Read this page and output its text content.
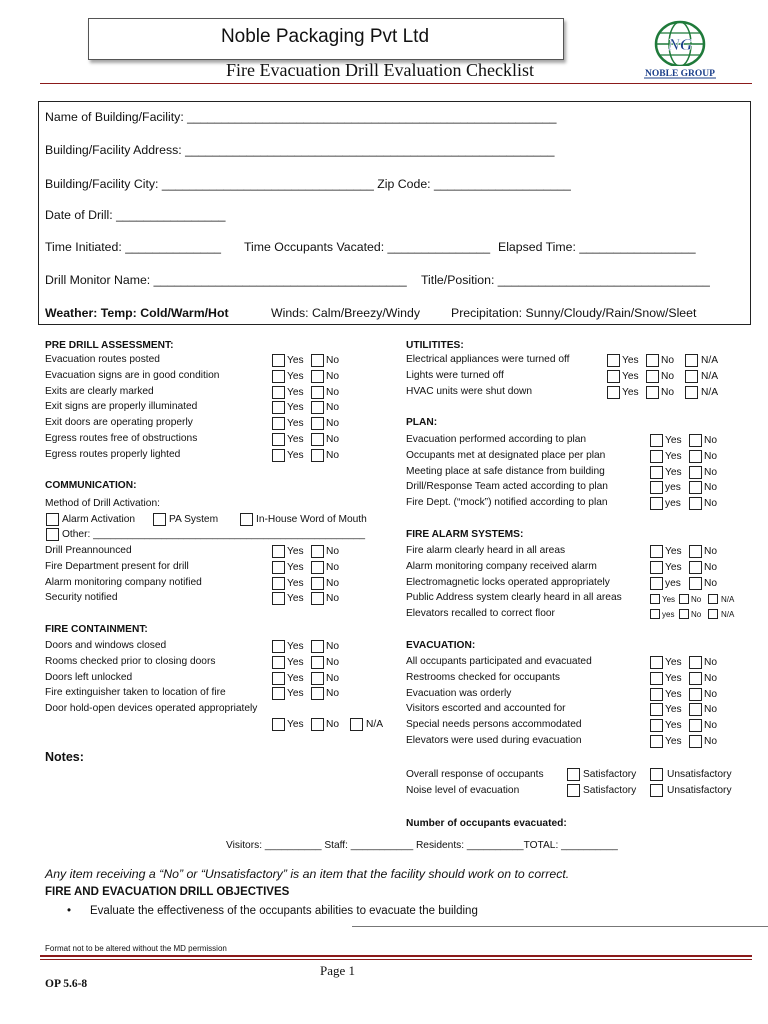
Noble Packaging Pvt Ltd
Fire Evacuation Drill Evaluation Checklist
NG
NOBLE GROUP
Name of Building/Facility: ______________________________________________________
Building/Facility Address: ______________________________________________________
Building/Facility City: _______________________________ Zip Code: ____________________
Date of Drill: ________________
Time Initiated: ______________ Time Occupants Vacated: _______________ Elapsed Time: _________________
Drill Monitor Name: _____________________________________ Title/Position: _______________________________
Weather: Temp: Cold/Warm/Hot	Winds: Calm/Breezy/Windy	Precipitation: Sunny/Cloudy/Rain/Snow/Sleet
Notes:
Number of occupants evacuated:
Visitors: __________ Staff: ___________ Residents: __________TOTAL: __________
Any item receiving a “No” or “Unsatisfactory” is an item that the facility should work on to correct.
FIRE AND EVACUATION DRILL OBJECTIVES
• Evaluate the effectiveness of the occupants abilities to evacuate the building
Format not to be altered without the MD permission
Page 1
OP 5.6-8
PRE DRILL ASSESSMENT:
Evacuation routes posted	Yes No
Evacuation signs are in good condition	Yes No
Exits are clearly marked	Yes No
Exit signs are properly illuminated	Yes No
Exit doors are operating properly	Yes No
Egress routes free of obstructions	Yes No
Egress routes properly lighted	Yes No
COMMUNICATION:
Method of Drill Activation:
Alarm Activation	PA System	In-House Word of Mouth
Other: ________________________________________________
Drill Preannounced	Yes No
Fire Department present for drill	Yes No
Alarm monitoring company notified	Yes No
Security notified	Yes No
FIRE CONTAINMENT:
Doors and windows closed	Yes No
Rooms checked prior to closing doors	Yes No
Doors left unlocked	Yes No
Fire extinguisher taken to location of fire	Yes No
Door hold-open devices operated appropriately
Yes No	N/A
UTILITITES:
Electrical appliances were turned off	Yes No	N/A
Lights were turned off	Yes No	N/A
HVAC units were shut down	Yes No	N/A
PLAN:
Evacuation performed according to plan	Yes No
Occupants met at designated place per plan	Yes No
Meeting place at safe distance from building	Yes No
Drill/Response Team acted according to plan	yes No
Fire Dept. (“mock”) notified according to plan	yes No
FIRE ALARM SYSTEMS:
Fire alarm clearly heard in all areas	Yes No
Alarm monitoring company received alarm	Yes No
Electromagnetic locks operated appropriately	yes No
Public Address system clearly heard in all areas	Yes No N/A
Elevators recalled to correct floor	yes No N/A
EVACUATION:
All occupants participated and evacuated	Yes No
Restrooms checked for occupants	Yes No
Evacuation was orderly	Yes No
Visitors escorted and accounted for	Yes No
Special needs persons accommodated	Yes No
Elevators were used during evacuation	Yes No
Overall response of occupants	Satisfactory	Unsatisfactory
Noise level of evacuation	Satisfactory	Unsatisfactory
